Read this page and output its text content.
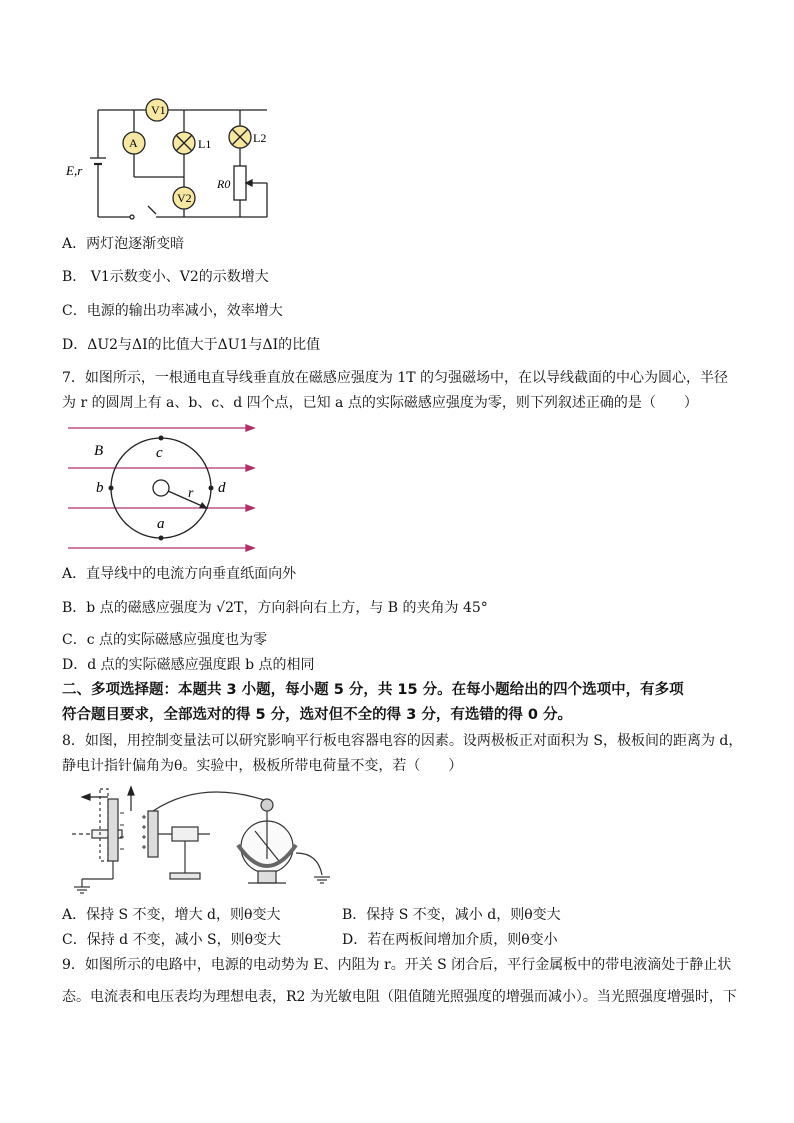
V1
A	L1	L2
E,r
V2
R0
A．两灯泡逐渐变暗
B． V1示数变小、V2的示数增大
C．电源的输出功率减小，效率增大
D．ΔU2与ΔI的比值大于ΔU1与ΔI的比值
7．如图所示，一根通电直导线垂直放在磁感应强度为 1T 的匀强磁场中，在以导线截面的中心为圆心，半径
为 r 的圆周上有 a、b、c、d 四个点，已知 a 点的实际磁感应强度为零，则下列叙述正确的是（　　）
B	c
b	d
a
r
A．直导线中的电流方向垂直纸面向外
B．b 点的磁感应强度为 √2T，方向斜向右上方，与 B 的夹角为 45°
C．c 点的实际磁感应强度也为零
D．d 点的实际磁感应强度跟 b 点的相同
二、多项选择题：本题共 3 小题，每小题 5 分，共 15 分。在每小题给出的四个选项中，有多项
符合题目要求，全部选对的得 5 分，选对但不全的得 3 分，有选错的得 0 分。
8．如图，用控制变量法可以研究影响平行板电容器电容的因素。设两极板正对面积为 S，极板间的距离为 d，
静电计指针偏角为θ。实验中，极板所带电荷量不变，若（　　）
A．保持 S 不变，增大 d，则θ变大	B．保持 S 不变，减小 d，则θ变大
C．保持 d 不变，减小 S，则θ变大	D．若在两板间增加介质，则θ变小
9．如图所示的电路中，电源的电动势为 E、内阻为 r。开关 S 闭合后，平行金属板中的带电液滴处于静止状
态。电流表和电压表均为理想电表，R2 为光敏电阻（阻值随光照强度的增强而减小）。当光照强度增强时，下
